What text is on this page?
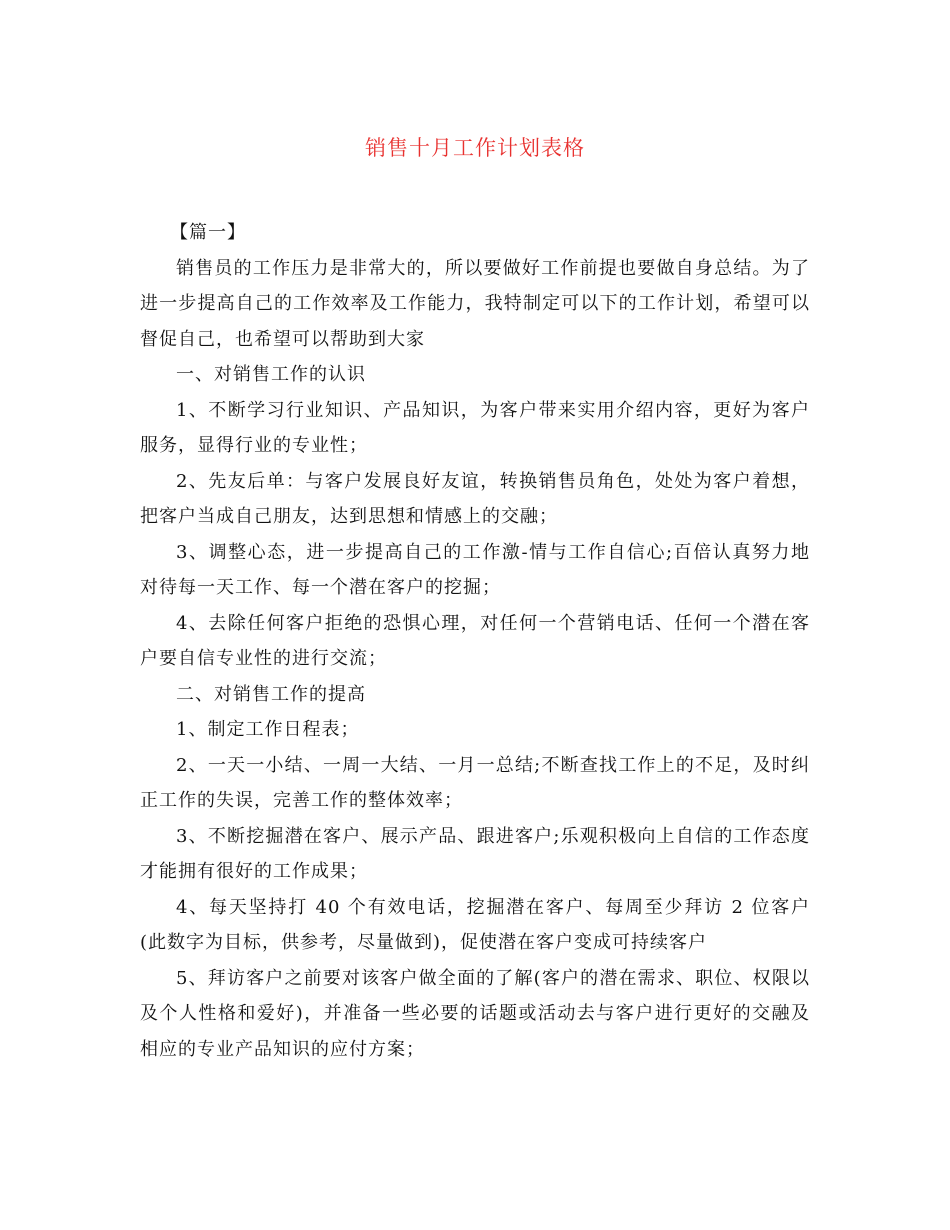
销售十月工作计划表格

【篇一】

销售员的工作压力是非常大的，所以要做好工作前提也要做自身总结。为了进一步提高自己的工作效率及工作能力，我特制定可以下的工作计划，希望可以督促自己，也希望可以帮助到大家

一、对销售工作的认识

1、不断学习行业知识、产品知识，为客户带来实用介绍内容，更好为客户服务，显得行业的专业性；

2、先友后单：与客户发展良好友谊，转换销售员角色，处处为客户着想，把客户当成自己朋友，达到思想和情感上的交融；

3、调整心态，进一步提高自己的工作激-情与工作自信心;百倍认真努力地对待每一天工作、每一个潜在客户的挖掘；

4、去除任何客户拒绝的恐惧心理，对任何一个营销电话、任何一个潜在客户要自信专业性的进行交流；

二、对销售工作的提高

1、制定工作日程表；

2、一天一小结、一周一大结、一月一总结;不断查找工作上的不足，及时纠正工作的失误，完善工作的整体效率；

3、不断挖掘潜在客户、展示产品、跟进客户;乐观积极向上自信的工作态度才能拥有很好的工作成果；

4、每天坚持打 40 个有效电话，挖掘潜在客户、每周至少拜访 2 位客户(此数字为目标，供参考，尽量做到)，促使潜在客户变成可持续客户

5、拜访客户之前要对该客户做全面的了解(客户的潜在需求、职位、权限以及个人性格和爱好)，并准备一些必要的话题或活动去与客户进行更好的交融及相应的专业产品知识的应付方案；
